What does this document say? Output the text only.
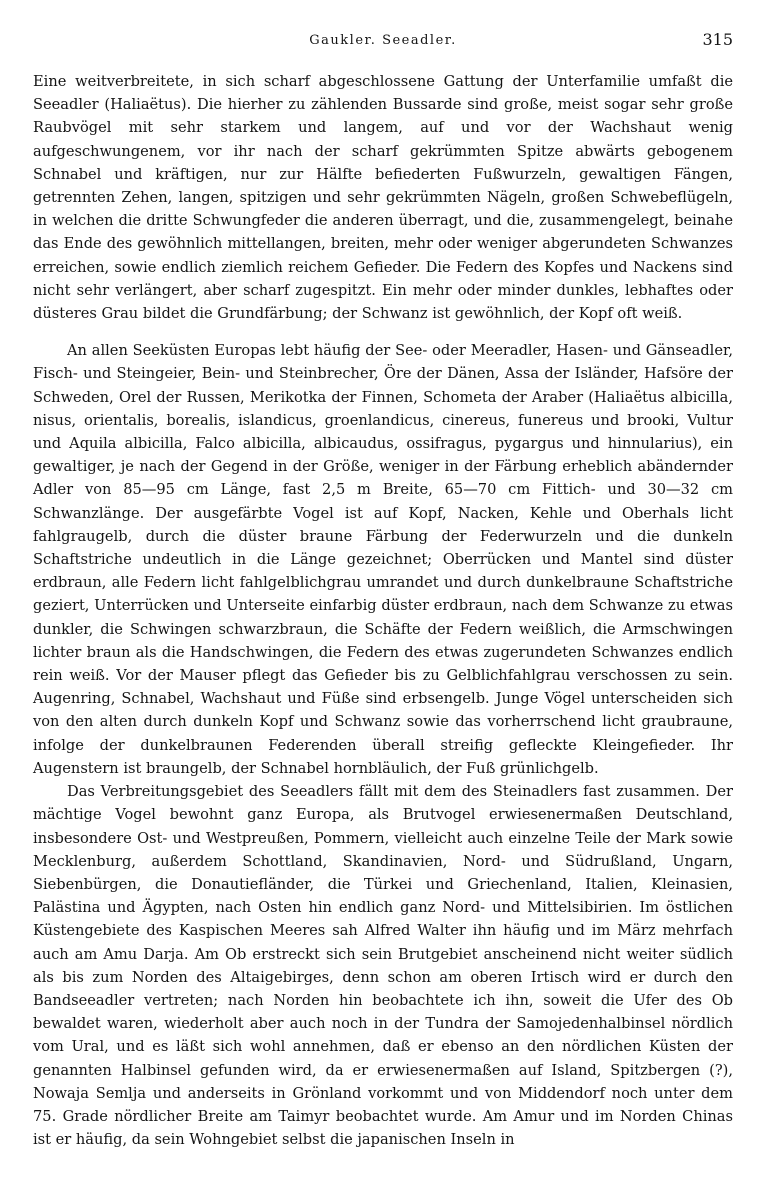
Gaukler. Seeadler.	315

Eine weitverbreitete, in sich scharf abgeschlossene Gattung der Unterfamilie umfaßt die Seeadler (Haliaëtus). Die hierher zu zählenden Bussarde sind große, meist sogar sehr große Raubvögel mit sehr starkem und langem, auf und vor der Wachshaut wenig aufgeschwungenem, vor ihr nach der scharf gekrümmten Spitze abwärts gebogenem Schnabel und kräftigen, nur zur Hälfte befiederten Fußwurzeln, gewaltigen Fängen, getrennten Zehen, langen, spitzigen und sehr gekrümmten Nägeln, großen Schwebeflügeln, in welchen die dritte Schwungfeder die anderen überragt, und die, zusammengelegt, beinahe das Ende des gewöhnlich mittellangen, breiten, mehr oder weniger abgerundeten Schwanzes erreichen, sowie endlich ziemlich reichem Gefieder. Die Federn des Kopfes und Nackens sind nicht sehr verlängert, aber scharf zugespitzt. Ein mehr oder minder dunkles, lebhaftes oder düsteres Grau bildet die Grundfärbung; der Schwanz ist gewöhnlich, der Kopf oft weiß.

An allen Seeküsten Europas lebt häufig der See- oder Meeradler, Hasen- und Gänseadler, Fisch- und Steingeier, Bein- und Steinbrecher, Öre der Dänen, Assa der Isländer, Hafsöre der Schweden, Orel der Russen, Merikotka der Finnen, Schometa der Araber (Haliaëtus albicilla, nisus, orientalis, borealis, islandicus, groenlandicus, cinereus, funereus und brooki, Vultur und Aquila albicilla, Falco albicilla, albicaudus, ossifragus, pygargus und hinnularius), ein gewaltiger, je nach der Gegend in der Größe, weniger in der Färbung erheblich abändernder Adler von 85—95 cm Länge, fast 2,5 m Breite, 65—70 cm Fittich- und 30—32 cm Schwanzlänge. Der ausgefärbte Vogel ist auf Kopf, Nacken, Kehle und Oberhals licht fahlgraugelb, durch die düster braune Färbung der Federwurzeln und die dunkeln Schaftstriche undeutlich in die Länge gezeichnet; Oberrücken und Mantel sind düster erdbraun, alle Federn licht fahlgelblichgrau umrandet und durch dunkelbraune Schaftstriche geziert, Unterrücken und Unterseite einfarbig düster erdbraun, nach dem Schwanze zu etwas dunkler, die Schwingen schwarzbraun, die Schäfte der Federn weißlich, die Armschwingen lichter braun als die Handschwingen, die Federn des etwas zugerundeten Schwanzes endlich rein weiß. Vor der Mauser pflegt das Gefieder bis zu Gelblichfahlgrau verschossen zu sein. Augenring, Schnabel, Wachshaut und Füße sind erbsengelb. Junge Vögel unterscheiden sich von den alten durch dunkeln Kopf und Schwanz sowie das vorherrschend licht graubraune, infolge der dunkelbraunen Federenden überall streifig gefleckte Kleingefieder. Ihr Augenstern ist braungelb, der Schnabel hornbläulich, der Fuß grünlichgelb.

Das Verbreitungsgebiet des Seeadlers fällt mit dem des Steinadlers fast zusammen. Der mächtige Vogel bewohnt ganz Europa, als Brutvogel erwiesenermaßen Deutschland, insbesondere Ost- und Westpreußen, Pommern, vielleicht auch einzelne Teile der Mark sowie Mecklenburg, außerdem Schottland, Skandinavien, Nord- und Südrußland, Ungarn, Siebenbürgen, die Donautiefländer, die Türkei und Griechenland, Italien, Kleinasien, Palästina und Ägypten, nach Osten hin endlich ganz Nord- und Mittelsibirien. Im östlichen Küstengebiete des Kaspischen Meeres sah Alfred Walter ihn häufig und im März mehrfach auch am Amu Darja. Am Ob erstreckt sich sein Brutgebiet anscheinend nicht weiter südlich als bis zum Norden des Altaigebirges, denn schon am oberen Irtisch wird er durch den Bandseeadler vertreten; nach Norden hin beobachtete ich ihn, soweit die Ufer des Ob bewaldet waren, wiederholt aber auch noch in der Tundra der Samojedenhalbinsel nördlich vom Ural, und es läßt sich wohl annehmen, daß er ebenso an den nördlichen Küsten der genannten Halbinsel gefunden wird, da er erwiesenermaßen auf Island, Spitzbergen (?), Nowaja Semlja und anderseits in Grönland vorkommt und von Middendorf noch unter dem 75. Grade nördlicher Breite am Taimyr beobachtet wurde. Am Amur und im Norden Chinas ist er häufig, da sein Wohngebiet selbst die japanischen Inseln in
